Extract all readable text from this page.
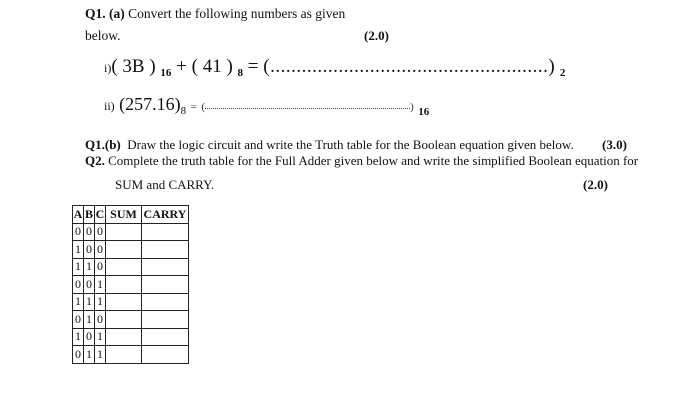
Q1. (a) Convert the following numbers as given
below.	(2.0)
i)( 3B ) $_{16}$ + ( 41 ) $_8$ = (.....................................................) $_2$
ii) $(257.16)_8$ = (	) $_{16}$
Q1.(b) Draw the logic circuit and write the Truth table for the Boolean equation given below. (3.0)
Q2. Complete the truth table for the Full Adder given below and write the simplified Boolean equation for
SUM and CARRY.	(2.0)
A	B	C	SUM	CARRY
0	0	0		
1	0	0		
1	1	0		
0	0	1		
1	1	1		
0	1	0		
1	0	1		
0	1	1		
